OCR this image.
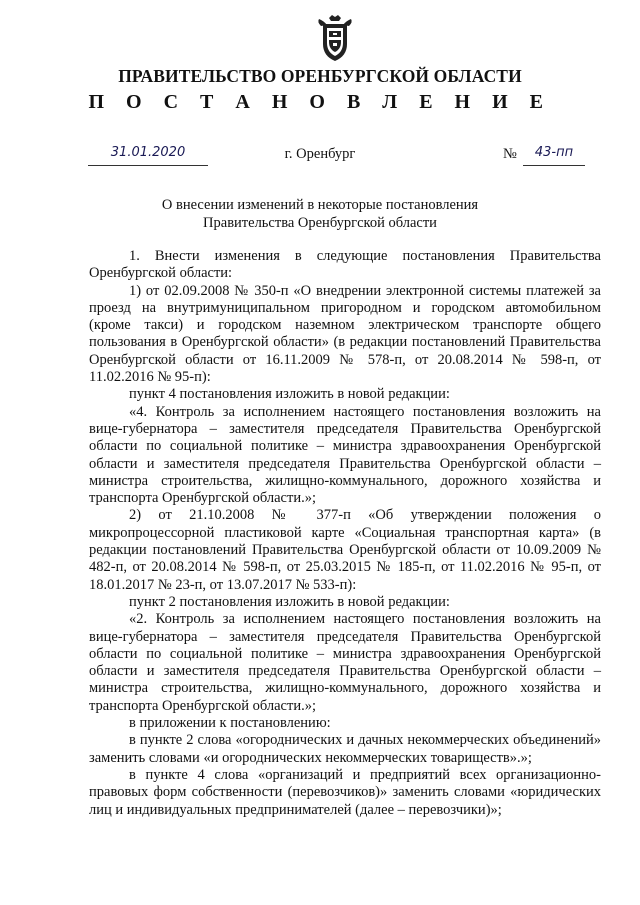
ПРАВИТЕЛЬСТВО ОРЕНБУРГСКОЙ ОБЛАСТИ
П О С Т А Н О В Л Е Н И Е
31.01.2020	г. Оренбург	№	43-пп
О внесении изменений в некоторые постановления
Правительства Оренбургской области

1. Внести изменения в следующие постановления Правительства Оренбургской области:

1) от 02.09.2008 № 350-п «О внедрении электронной системы платежей за проезд на внутримуниципальном пригородном и городском автомобильном (кроме такси) и городском наземном электрическом транспорте общего пользования в Оренбургской области» (в редакции постановлений Правительства Оренбургской области от 16.11.2009 № 578-п, от 20.08.2014 № 598-п, от 11.02.2016 № 95-п):

пункт 4 постановления изложить в новой редакции:

«4. Контроль за исполнением настоящего постановления возложить на вице-губернатора – заместителя председателя Правительства Оренбургской области по социальной политике – министра здравоохранения Оренбургской области и заместителя председателя Правительства Оренбургской области – министра строительства, жилищно-коммунального, дорожного хозяйства и транспорта Оренбургской области.»;

2) от 21.10.2008 № 377-п «Об утверждении положения о микропроцессорной пластиковой карте «Социальная транспортная карта» (в редакции постановлений Правительства Оренбургской области от 10.09.2009 № 482-п, от 20.08.2014 № 598-п, от 25.03.2015 № 185-п, от 11.02.2016 № 95-п, от 18.01.2017 № 23-п, от 13.07.2017 № 533-п):

пункт 2 постановления изложить в новой редакции:

«2. Контроль за исполнением настоящего постановления возложить на вице-губернатора – заместителя председателя Правительства Оренбургской области по социальной политике – министра здравоохранения Оренбургской области и заместителя председателя Правительства Оренбургской области – министра строительства, жилищно-коммунального, дорожного хозяйства и транспорта Оренбургской области.»;

в приложении к постановлению:

в пункте 2 слова «огороднических и дачных некоммерческих объединений» заменить словами «и огороднических некоммерческих товариществ».»;

в пункте 4 слова «организаций и предприятий всех организационно-правовых форм собственности (перевозчиков)» заменить словами «юридических лиц и индивидуальных предпринимателей (далее – перевозчики)»;
